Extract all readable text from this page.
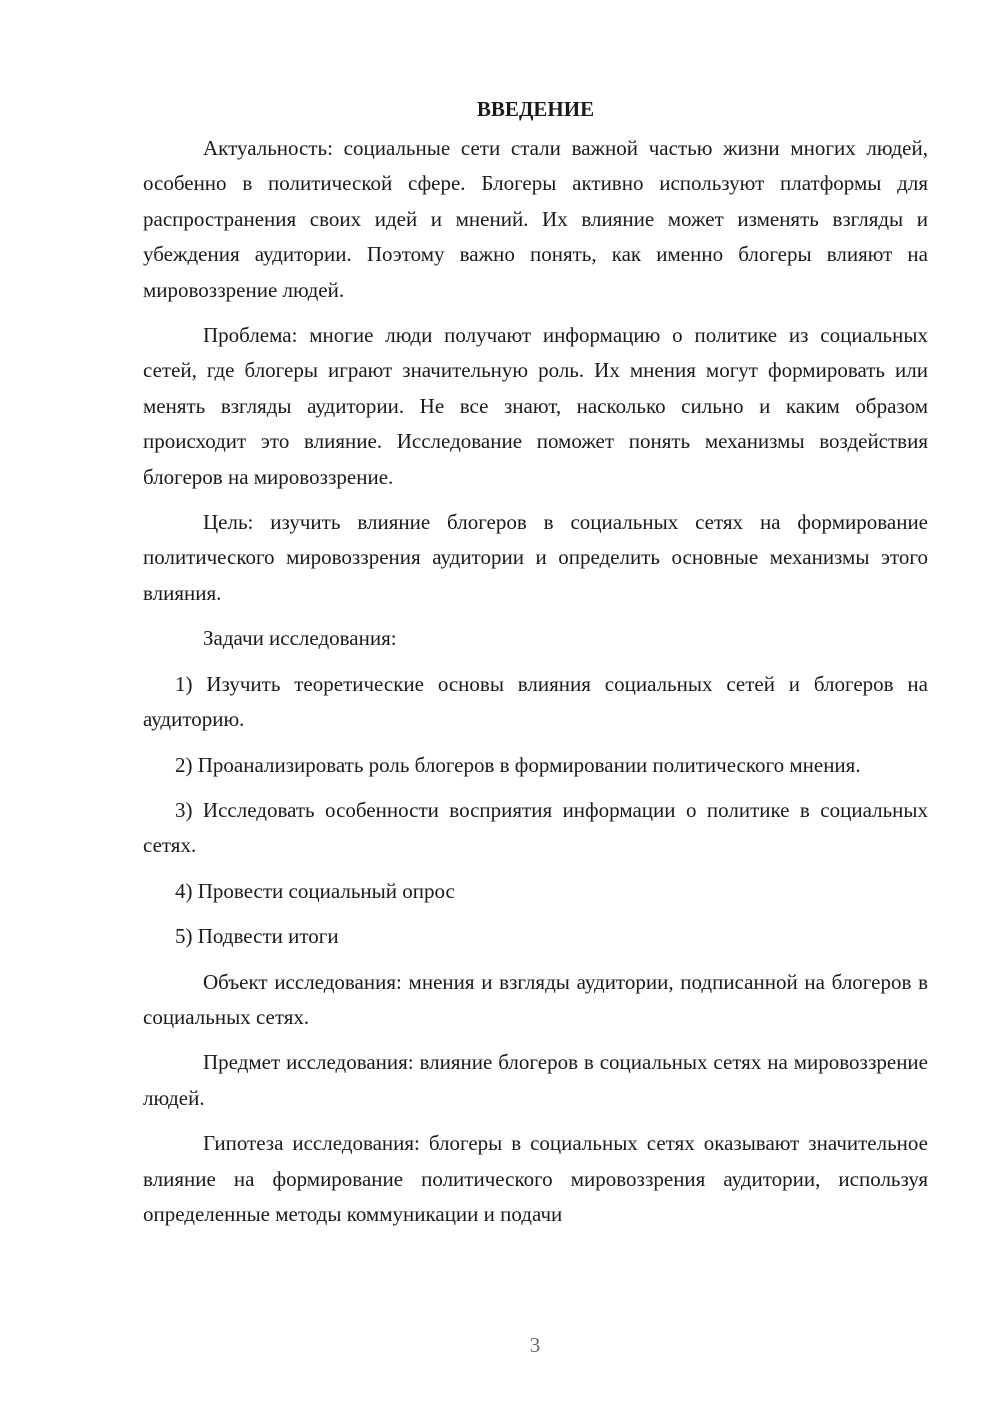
ВВЕДЕНИЕ

Актуальность: социальные сети стали важной частью жизни многих людей, особенно в политической сфере. Блогеры активно используют платформы для распространения своих идей и мнений. Их влияние может изменять взгляды и убеждения аудитории. Поэтому важно понять, как именно блогеры влияют на мировоззрение людей.

Проблема: многие люди получают информацию о политике из социальных сетей, где блогеры играют значительную роль. Их мнения могут формировать или менять взгляды аудитории. Не все знают, насколько сильно и каким образом происходит это влияние. Исследование поможет понять механизмы воздействия блогеров на мировоззрение.

Цель: изучить влияние блогеров в социальных сетях на формирование политического мировоззрения аудитории и определить основные механизмы этого влияния.

Задачи исследования:

1) Изучить теоретические основы влияния социальных сетей и блогеров на аудиторию.

2) Проанализировать роль блогеров в формировании политического мнения.

3) Исследовать особенности восприятия информации о политике в социальных сетях.

4) Провести социальный опрос

5) Подвести итоги

Объект исследования: мнения и взгляды аудитории, подписанной на блогеров в социальных сетях.

Предмет исследования: влияние блогеров в социальных сетях на мировоззрение людей.

Гипотеза исследования: блогеры в социальных сетях оказывают значительное влияние на формирование политического мировоззрения аудитории, используя определенные методы коммуникации и подачи

3
